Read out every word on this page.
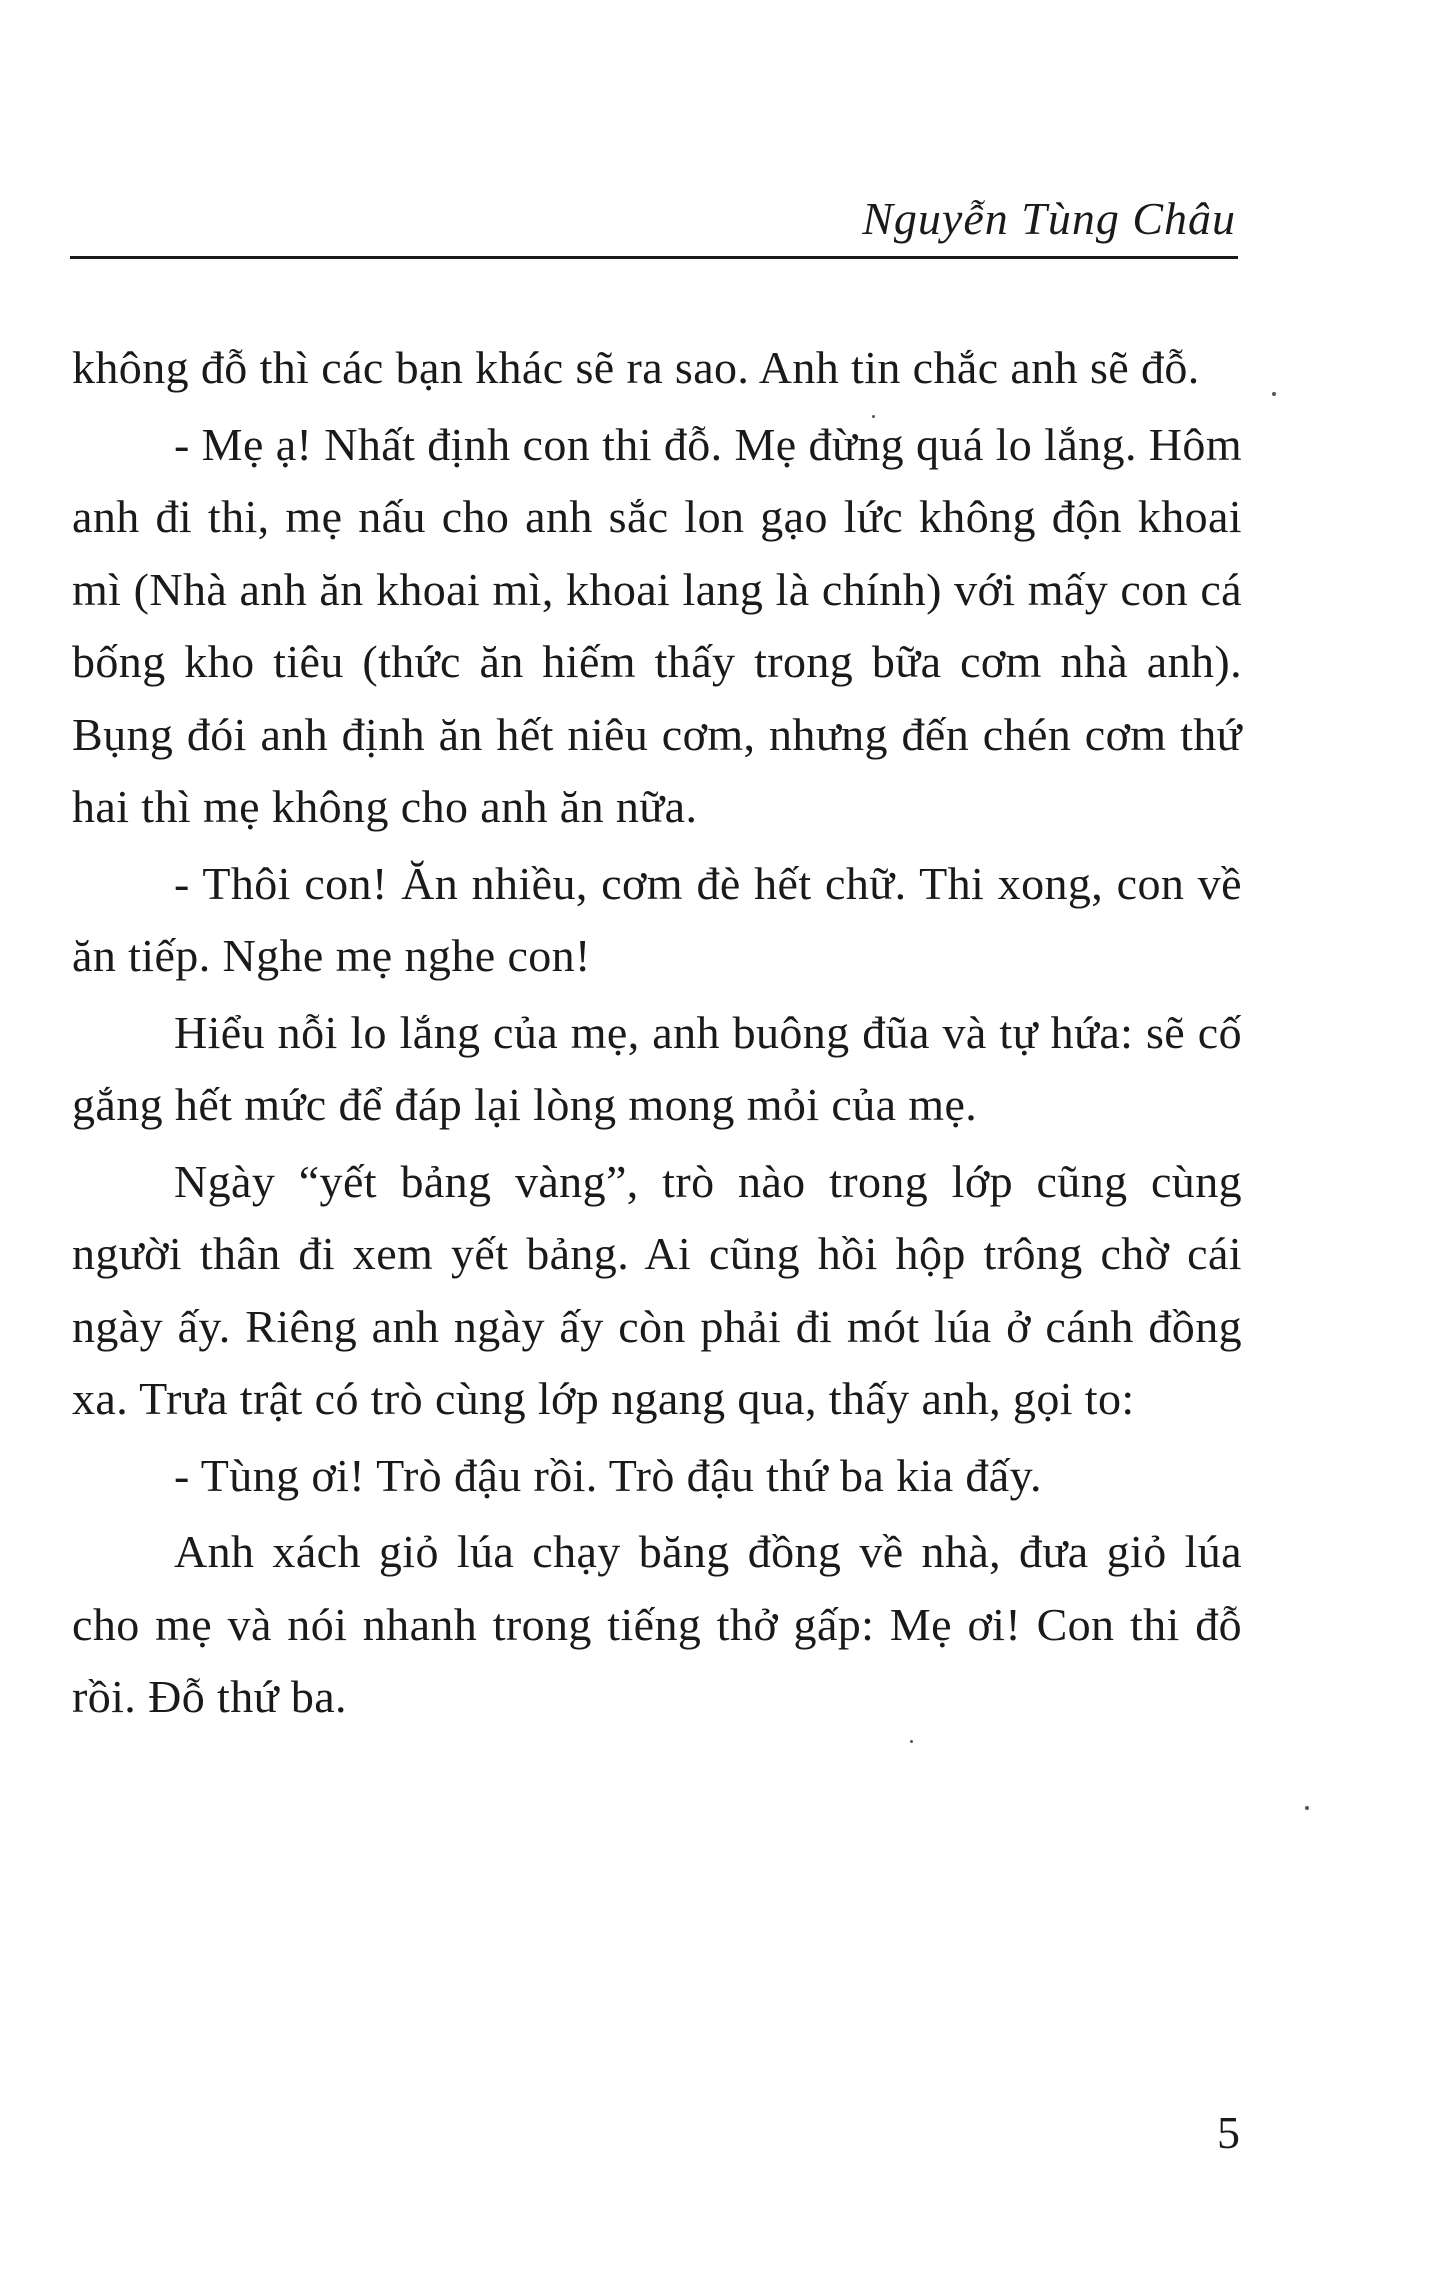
Nguyễn Tùng Châu

không đỗ thì các bạn khác sẽ ra sao. Anh tin chắc anh sẽ đỗ.

- Mẹ ạ! Nhất định con thi đỗ. Mẹ đừng quá lo lắng. Hôm anh đi thi, mẹ nấu cho anh sắc lon gạo lức không độn khoai mì (Nhà anh ăn khoai mì, khoai lang là chính) với mấy con cá bống kho tiêu (thức ăn hiếm thấy trong bữa cơm nhà anh). Bụng đói anh định ăn hết niêu cơm, nhưng đến chén cơm thứ hai thì mẹ không cho anh ăn nữa.

- Thôi con! Ăn nhiều, cơm đè hết chữ. Thi xong, con về ăn tiếp. Nghe mẹ nghe con!

Hiểu nỗi lo lắng của mẹ, anh buông đũa và tự hứa: sẽ cố gắng hết mức để đáp lại lòng mong mỏi của mẹ.

Ngày “yết bảng vàng”, trò nào trong lớp cũng cùng người thân đi xem yết bảng. Ai cũng hồi hộp trông chờ cái ngày ấy. Riêng anh ngày ấy còn phải đi mót lúa ở cánh đồng xa. Trưa trật có trò cùng lớp ngang qua, thấy anh, gọi to:

- Tùng ơi! Trò đậu rồi. Trò đậu thứ ba kia đấy.

Anh xách giỏ lúa chạy băng đồng về nhà, đưa giỏ lúa cho mẹ và nói nhanh trong tiếng thở gấp: Mẹ ơi! Con thi đỗ rồi. Đỗ thứ ba.

5
